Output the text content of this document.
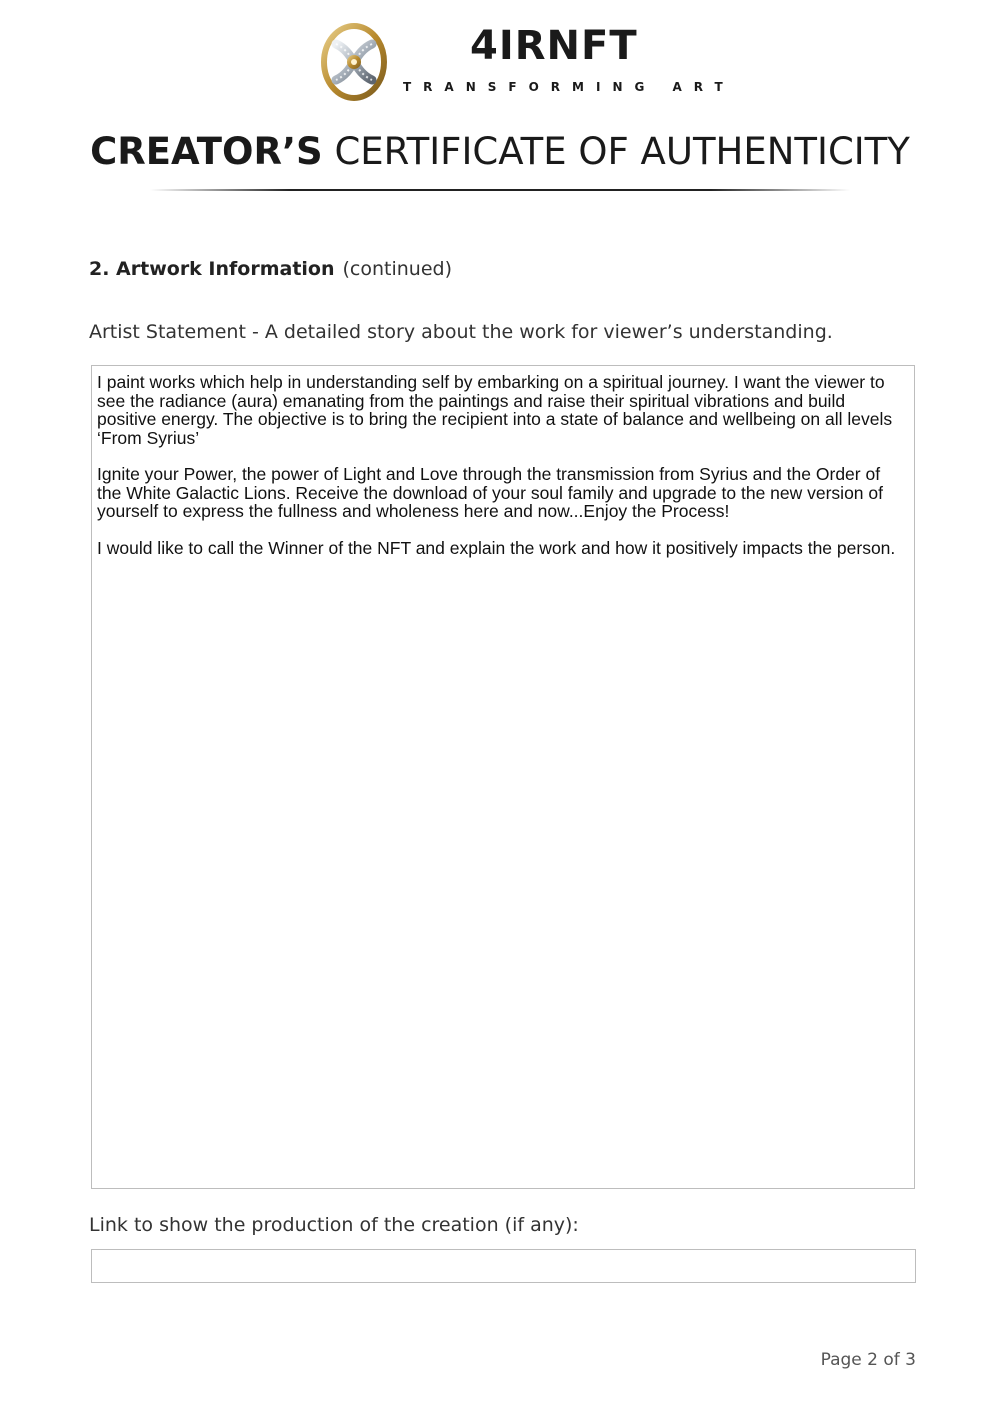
4IRNFT
TRANSFORMING ART
CREATOR’S CERTIFICATE OF AUTHENTICITY
2. Artwork Information (continued)
Artist Statement - A detailed story about the work for viewer’s understanding.

I paint works which help in understanding self by embarking on a spiritual journey. I want the viewer to see the radiance (aura) emanating from the paintings and raise their spiritual vibrations and build positive energy. The objective is to bring the recipient into a state of balance and wellbeing on all levels ‘From Syrius’

Ignite your Power, the power of Light and Love through the transmission from Syrius and the Order of the White Galactic Lions. Receive the download of your soul family and upgrade to the new version of yourself to express the fullness and wholeness here and now...Enjoy the Process!

I would like to call the Winner of the NFT and explain the work and how it positively impacts the person.

Link to show the production of the creation (if any):
Page 2 of 3
